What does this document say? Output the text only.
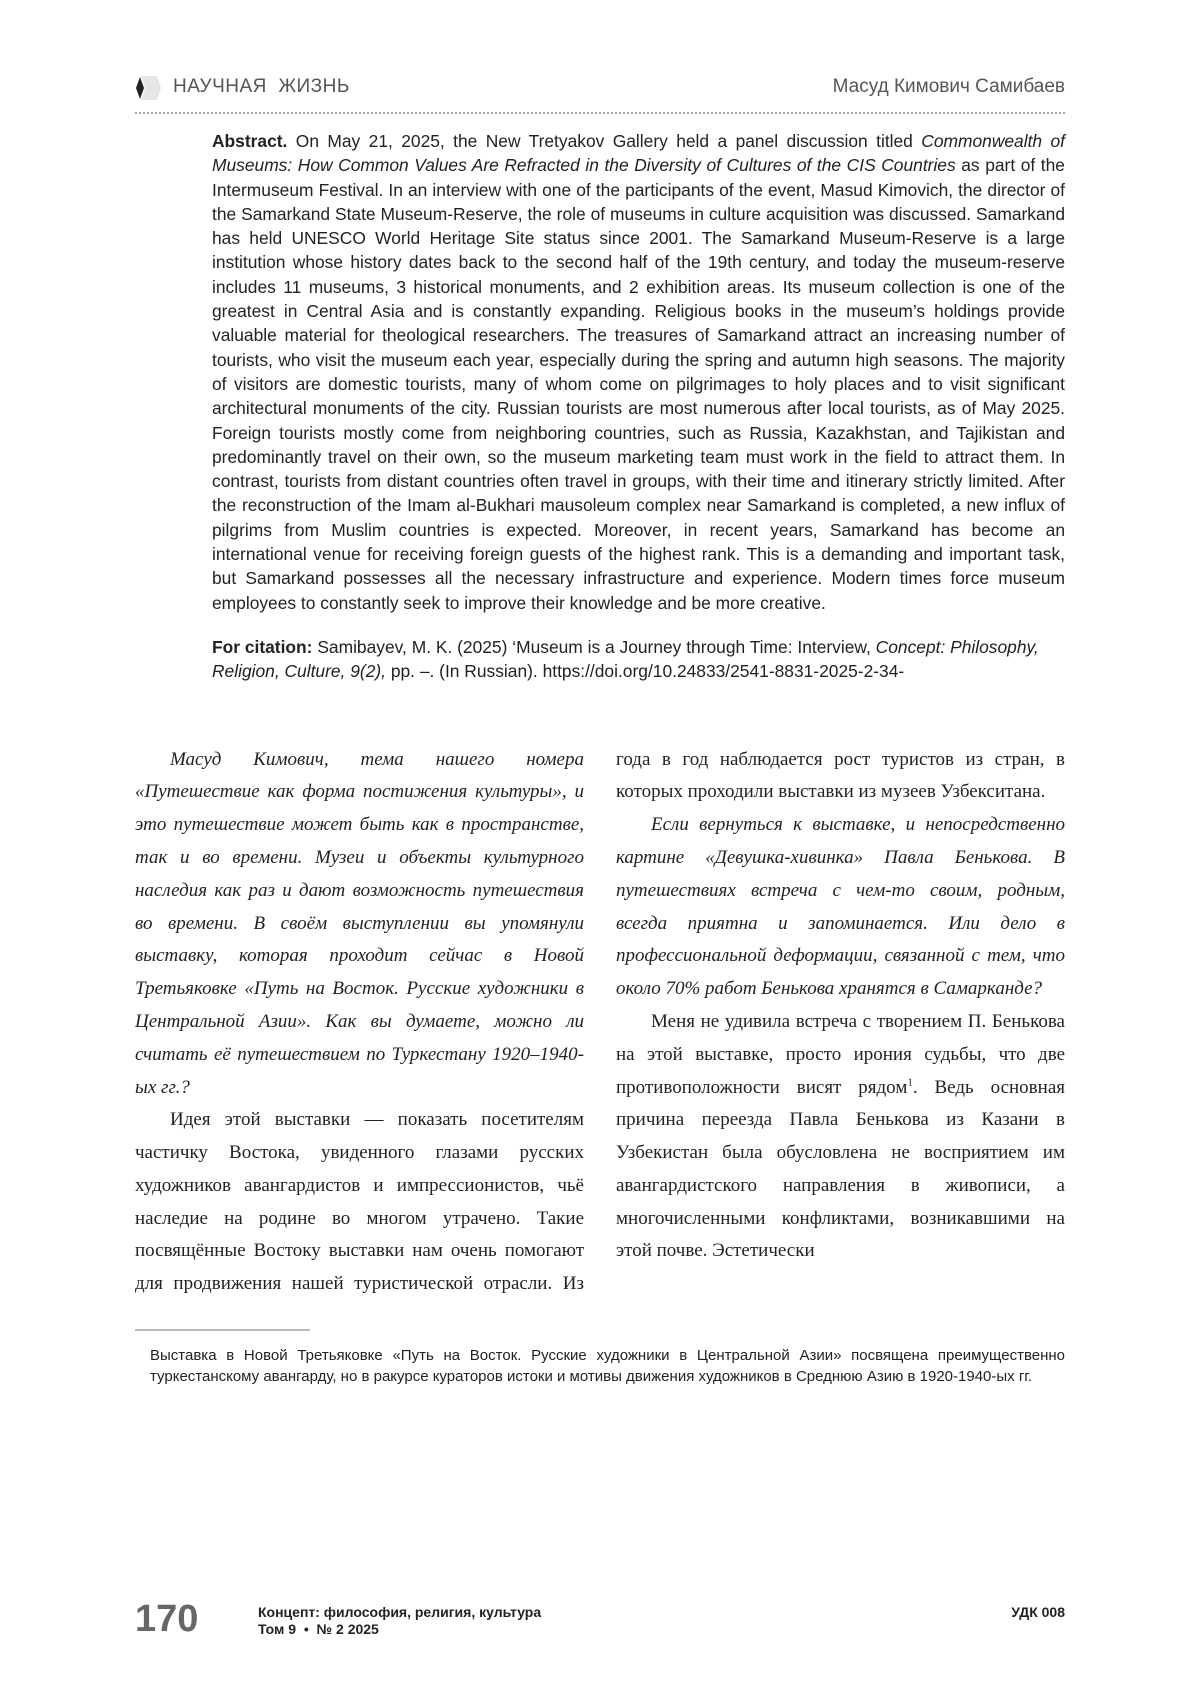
НАУЧНАЯ  ЖИЗНЬ	Масуд Кимович Самибаев
Abstract. On May 21, 2025, the New Tretyakov Gallery held a panel discussion titled Commonwealth of Museums: How Common Values Are Refracted in the Diversity of Cultures of the CIS Countries as part of the Intermuseum Festival. In an interview with one of the participants of the event, Masud Kimovich, the director of the Samarkand State Museum-Reserve, the role of museums in culture acquisition was discussed. Samarkand has held UNESCO World Heritage Site status since 2001. The Samarkand Museum-Reserve is a large institution whose history dates back to the second half of the 19th century, and today the museum-reserve includes 11 museums, 3 historical monuments, and 2 exhibition areas. Its museum collection is one of the greatest in Central Asia and is constantly expanding. Religious books in the museum’s holdings provide valuable material for theological researchers. The treasures of Samarkand attract an increasing number of tourists, who visit the museum each year, especially during the spring and autumn high seasons. The majority of visitors are domestic tourists, many of whom come on pilgrimages to holy places and to visit significant architectural monuments of the city. Russian tourists are most numerous after local tourists, as of May 2025. Foreign tourists mostly come from neighboring countries, such as Russia, Kazakhstan, and Tajikistan and predominantly travel on their own, so the museum marketing team must work in the field to attract them. In contrast, tourists from distant countries often travel in groups, with their time and itinerary strictly limited. After the reconstruction of the Imam al-Bukhari mausoleum complex near Samarkand is completed, a new influx of pilgrims from Muslim countries is expected. Moreover, in recent years, Samarkand has become an international venue for receiving foreign guests of the highest rank. This is a demanding and important task, but Samarkand possesses all the necessary infrastructure and experience. Modern times force museum employees to constantly seek to improve their knowledge and be more creative.
For citation: Samibayev, M. K. (2025) ‘Museum is a Journey through Time: Interview, Concept: Philosophy, Religion, Culture, 9(2), pp. –. (In Russian). https://doi.org/10.24833/2541-8831-2025-2-34-

Масуд Кимович, тема нашего номера «Путешествие как форма постижения культуры», и это путешествие может быть как в пространстве, так и во времени. Музеи и объекты культурного наследия как раз и дают возможность путешествия во времени. В своём выступлении вы упомянули выставку, которая проходит сейчас в Новой Третьяковке «Путь на Восток. Русские художники в Центральной Азии». Как вы думаете, можно ли считать её путешествием по Туркестану 1920–1940-ых гг.?

Идея этой выставки — показать посетителям частичку Востока, увиденного глазами русских художников авангардистов и импрессионистов, чьё наследие на родине во многом утрачено. Такие посвящённые Востоку выставки нам очень помогают для продвижения нашей туристической отрасли. Из года в год наблюдается рост туристов из стран, в которых проходили выставки из музеев Узбекситана.

Если вернуться к выставке, и непосредственно картине «Девушка-хивинка» Павла Бенькова. В путешествиях встреча с чем-то своим, родным, всегда приятна и запоминается. Или дело в профессиональной деформации, связанной с тем, что около 70% работ Бенькова хранятся в Самарканде?

Меня не удивила встреча с творением П. Бенькова на этой выставке, просто ирония судьбы, что две противоположности висят рядом$^1$. Ведь основная причина переезда Павла Бенькова из Казани в Узбекистан была обусловлена не восприятием им авангардистского направления в живописи, а многочисленными конфликтами, возникавшими на этой почве. Эстетически

Выставка в Новой Третьяковке «Путь на Восток. Русские художники в Центральной Азии» посвящена преимущественно туркестанскому авангарду, но в ракурсе кураторов истоки и мотивы движения художников в Среднюю Азию в 1920-1940-ых гг.
170	Концепт: философия, религия, культура
Том 9  •  № 2 2025
УДК 008
